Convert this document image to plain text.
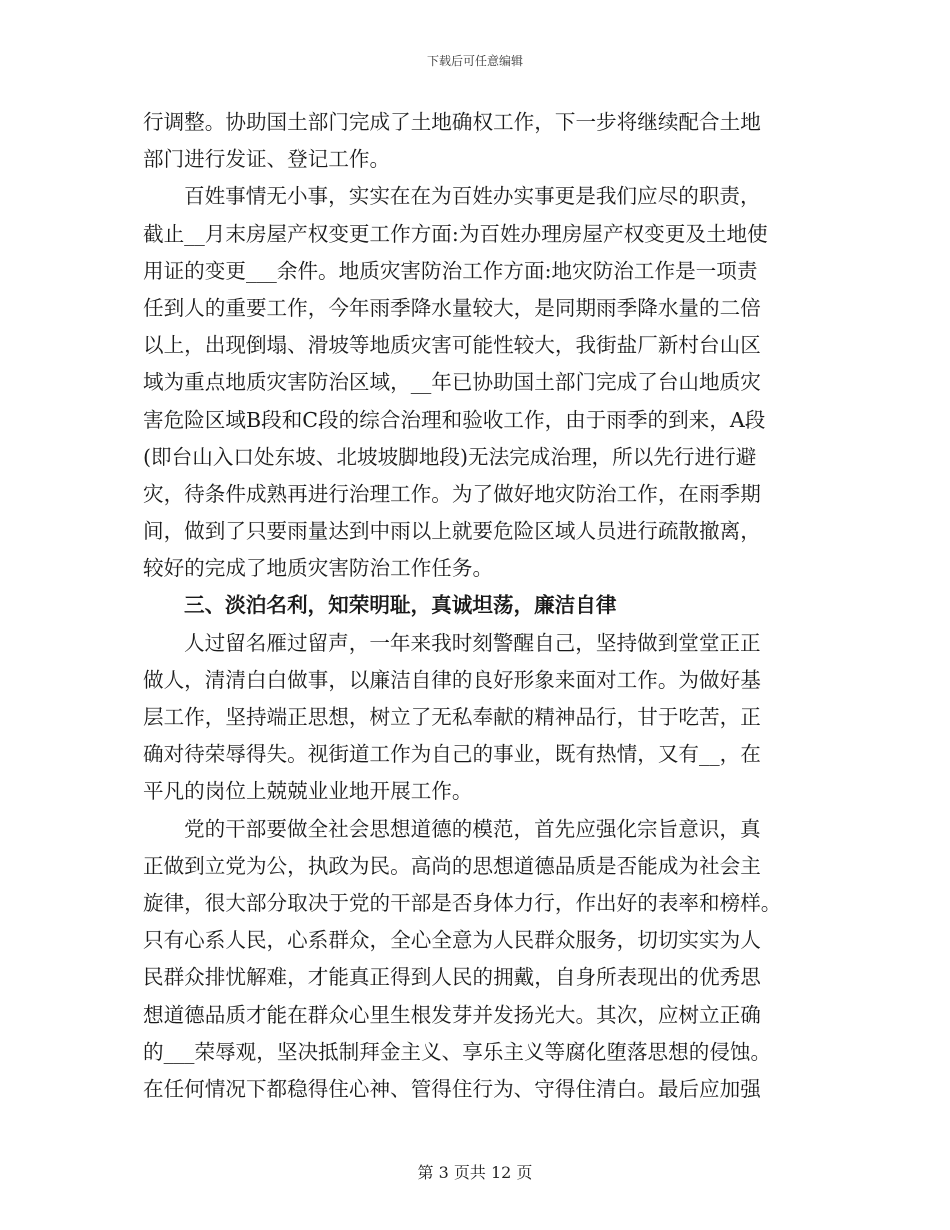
下载后可任意编辑
行调整。协助国土部门完成了土地确权工作，下一步将继续配合土地
部门进行发证、登记工作。
百姓事情无小事，实实在在为百姓办实事更是我们应尽的职责，
截止__月末房屋产权变更工作方面:为百姓办理房屋产权变更及土地使
用证的变更___余件。地质灾害防治工作方面:地灾防治工作是一项责
任到人的重要工作，今年雨季降水量较大，是同期雨季降水量的二倍
以上，出现倒塌、滑坡等地质灾害可能性较大，我街盐厂新村台山区
域为重点地质灾害防治区域，__年已协助国土部门完成了台山地质灾
害危险区域B段和C段的综合治理和验收工作，由于雨季的到来，A段
(即台山入口处东坡、北坡坡脚地段)无法完成治理，所以先行进行避
灾，待条件成熟再进行治理工作。为了做好地灾防治工作，在雨季期
间，做到了只要雨量达到中雨以上就要危险区域人员进行疏散撤离，
较好的完成了地质灾害防治工作任务。
三、淡泊名利，知荣明耻，真诚坦荡，廉洁自律
人过留名雁过留声，一年来我时刻警醒自己，坚持做到堂堂正正
做人，清清白白做事，以廉洁自律的良好形象来面对工作。为做好基
层工作，坚持端正思想，树立了无私奉献的精神品行，甘于吃苦，正
确对待荣辱得失。视街道工作为自己的事业，既有热情，又有__，在
平凡的岗位上兢兢业业地开展工作。
党的干部要做全社会思想道德的模范，首先应强化宗旨意识，真
正做到立党为公，执政为民。高尚的思想道德品质是否能成为社会主
旋律，很大部分取决于党的干部是否身体力行，作出好的表率和榜样。
只有心系人民，心系群众，全心全意为人民群众服务，切切实实为人
民群众排忧解难，才能真正得到人民的拥戴，自身所表现出的优秀思
想道德品质才能在群众心里生根发芽并发扬光大。其次，应树立正确
的___荣辱观，坚决抵制拜金主义、享乐主义等腐化堕落思想的侵蚀。
在任何情况下都稳得住心神、管得住行为、守得住清白。最后应加强
第 3 页共 12 页
